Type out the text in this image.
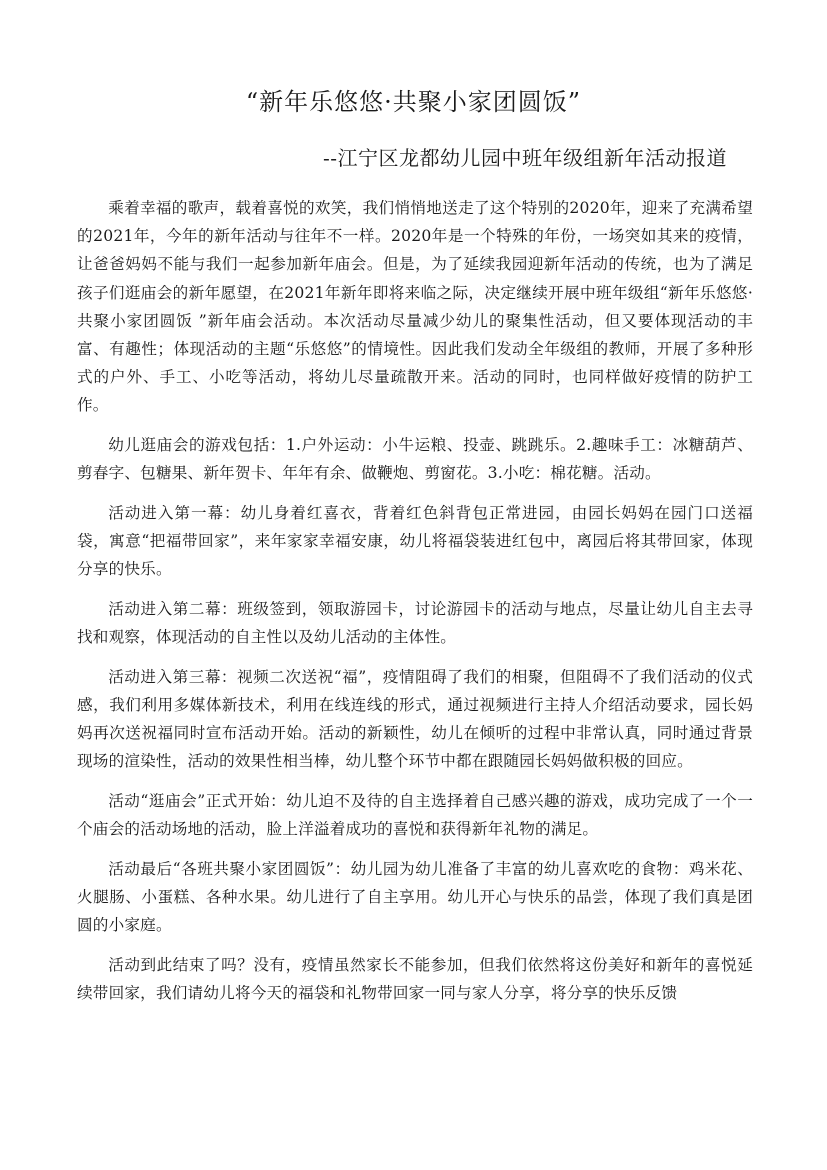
“新年乐悠悠·共聚小家团圆饭”
--江宁区龙都幼儿园中班年级组新年活动报道

乘着幸福的歌声，载着喜悦的欢笑，我们悄悄地送走了这个特别的2020年，迎来了充满希望的2021年，今年的新年活动与往年不一样。2020年是一个特殊的年份，一场突如其来的疫情，让爸爸妈妈不能与我们一起参加新年庙会。但是，为了延续我园迎新年活动的传统，也为了满足孩子们逛庙会的新年愿望，在2021年新年即将来临之际，决定继续开展中班年级组“新年乐悠悠·共聚小家团圆饭 ”新年庙会活动。本次活动尽量减少幼儿的聚集性活动，但又要体现活动的丰富、有趣性；体现活动的主题“乐悠悠”的情境性。因此我们发动全年级组的教师，开展了多种形式的户外、手工、小吃等活动，将幼儿尽量疏散开来。活动的同时，也同样做好疫情的防护工作。

幼儿逛庙会的游戏包括：1.户外运动：小牛运粮、投壶、跳跳乐。2.趣味手工：冰糖葫芦、剪春字、包糖果、新年贺卡、年年有余、做鞭炮、剪窗花。3.小吃：棉花糖。活动。

活动进入第一幕：幼儿身着红喜衣，背着红色斜背包正常进园，由园长妈妈在园门口送福袋，寓意“把福带回家”，来年家家幸福安康，幼儿将福袋装进红包中，离园后将其带回家，体现分享的快乐。

活动进入第二幕：班级签到，领取游园卡，讨论游园卡的活动与地点，尽量让幼儿自主去寻找和观察，体现活动的自主性以及幼儿活动的主体性。

活动进入第三幕：视频二次送祝“福”，疫情阻碍了我们的相聚，但阻碍不了我们活动的仪式感，我们利用多媒体新技术，利用在线连线的形式，通过视频进行主持人介绍活动要求，园长妈妈再次送祝福同时宣布活动开始。活动的新颖性，幼儿在倾听的过程中非常认真，同时通过背景现场的渲染性，活动的效果性相当棒，幼儿整个环节中都在跟随园长妈妈做积极的回应。

活动“逛庙会”正式开始：幼儿迫不及待的自主选择着自己感兴趣的游戏，成功完成了一个一个庙会的活动场地的活动，脸上洋溢着成功的喜悦和获得新年礼物的满足。

活动最后“各班共聚小家团圆饭”：幼儿园为幼儿准备了丰富的幼儿喜欢吃的食物：鸡米花、火腿肠、小蛋糕、各种水果。幼儿进行了自主享用。幼儿开心与快乐的品尝，体现了我们真是团圆的小家庭。

活动到此结束了吗？没有，疫情虽然家长不能参加，但我们依然将这份美好和新年的喜悦延续带回家，我们请幼儿将今天的福袋和礼物带回家一同与家人分享，将分享的快乐反馈
